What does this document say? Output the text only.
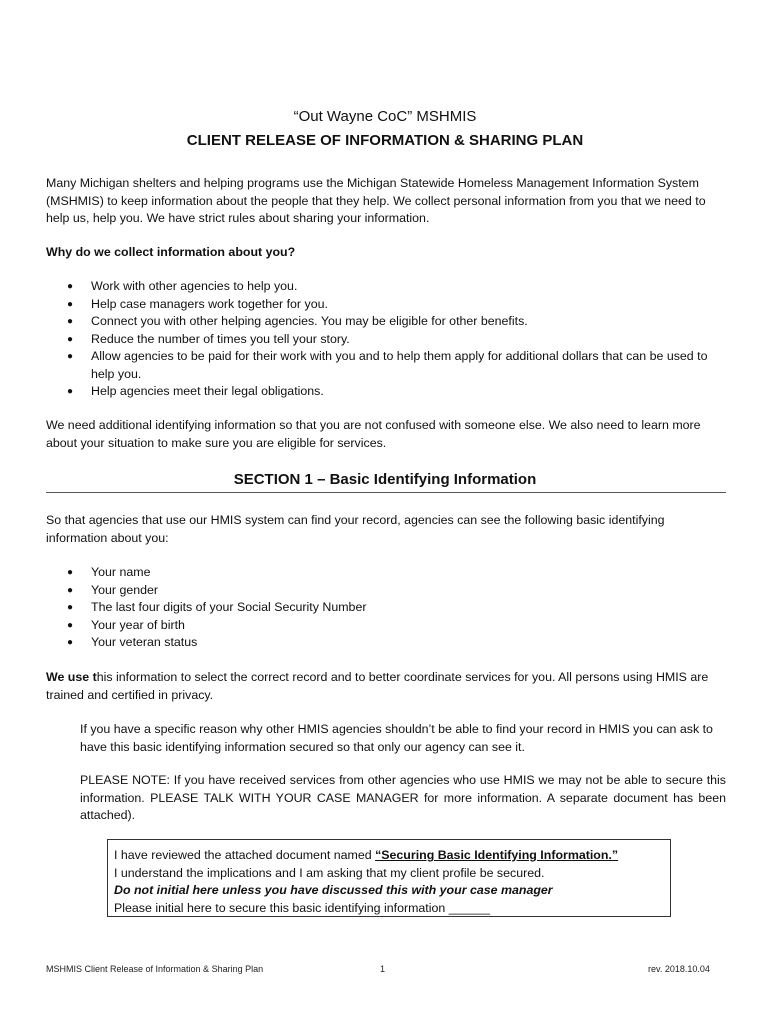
“Out Wayne CoC” MSHMIS
CLIENT RELEASE OF INFORMATION & SHARING PLAN

Many Michigan shelters and helping programs use the Michigan Statewide Homeless Management Information System (MSHMIS) to keep information about the people that they help. We collect personal information from you that we need to help us, help you. We have strict rules about sharing your information.

Why do we collect information about you?

● Work with other agencies to help you.
● Help case managers work together for you.
● Connect you with other helping agencies. You may be eligible for other benefits.
● Reduce the number of times you tell your story.
● Allow agencies to be paid for their work with you and to help them apply for additional dollars that can be used to help you.
● Help agencies meet their legal obligations.

We need additional identifying information so that you are not confused with someone else. We also need to learn more about your situation to make sure you are eligible for services.

SECTION 1 – Basic Identifying Information

So that agencies that use our HMIS system can find your record, agencies can see the following basic identifying information about you:

● Your name
● Your gender
● The last four digits of your Social Security Number
● Your year of birth
● Your veteran status

We use this information to select the correct record and to better coordinate services for you. All persons using HMIS are trained and certified in privacy.

If you have a specific reason why other HMIS agencies shouldn’t be able to find your record in HMIS you can ask to have this basic identifying information secured so that only our agency can see it.

PLEASE NOTE: If you have received services from other agencies who use HMIS we may not be able to secure this information. PLEASE TALK WITH YOUR CASE MANAGER for more information. A separate document has been attached).

I have reviewed the attached document named “Securing Basic Identifying Information.”
I understand the implications and I am asking that my client profile be secured.
Do not initial here unless you have discussed this with your case manager
Please initial here to secure this basic identifying information ______
MSHMIS Client Release of Information & Sharing Plan	1	rev. 2018.10.04
